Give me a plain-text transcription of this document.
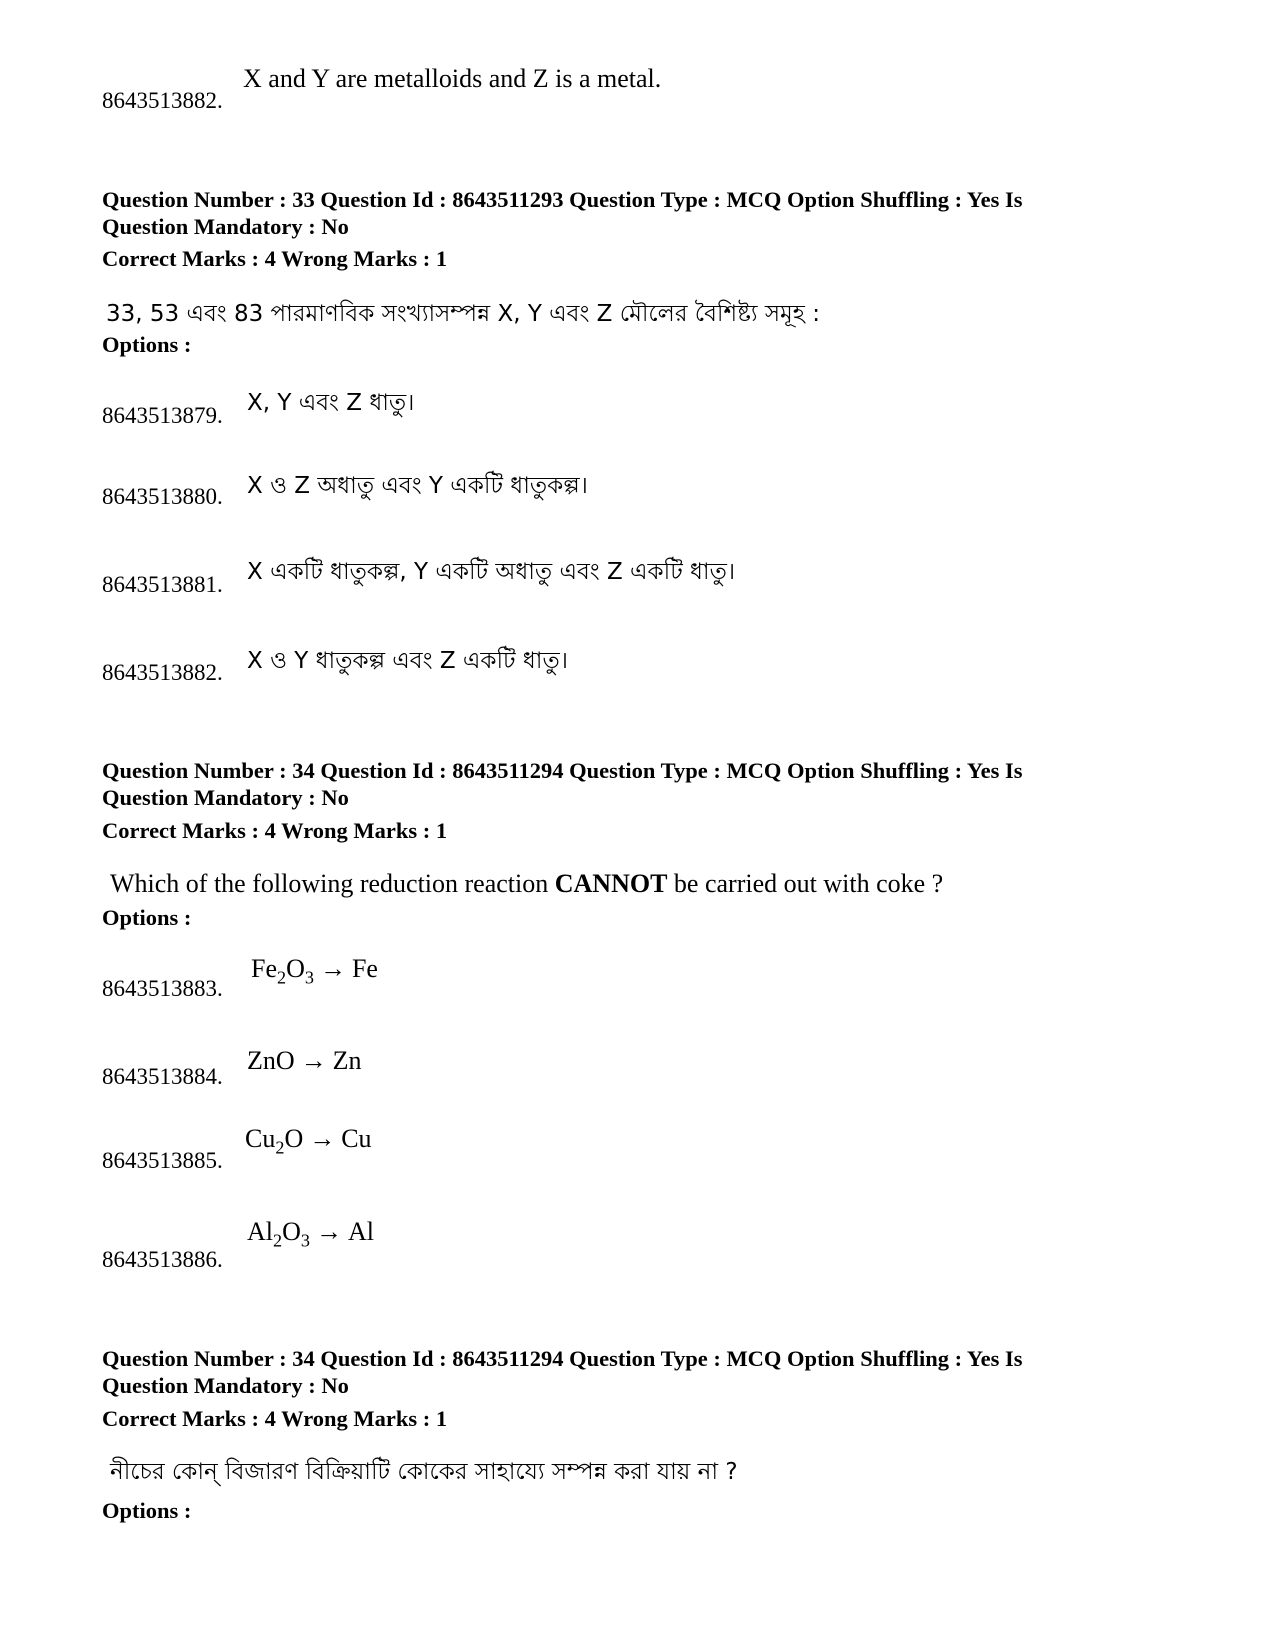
X and Y are metalloids and Z is a metal.
8643513882.
Question Number : 33 Question Id : 8643511293 Question Type : MCQ Option Shuffling : Yes Is
Question Mandatory : No
Correct Marks : 4 Wrong Marks : 1
33, 53 এবং 83 পারমাণবিক সংখ্যাসম্পন্ন X, Y এবং Z মৌলের বৈশিষ্ট্য সমূহ :
Options :
X, Y এবং Z ধাতু।
8643513879.
X ও Z অধাতু এবং Y একটি ধাতুকল্প।
8643513880.
X একটি ধাতুকল্প, Y একটি অধাতু এবং Z একটি ধাতু।
8643513881.
X ও Y ধাতুকল্প এবং Z একটি ধাতু।
8643513882.
Question Number : 34 Question Id : 8643511294 Question Type : MCQ Option Shuffling : Yes Is
Question Mandatory : No
Correct Marks : 4 Wrong Marks : 1
Which of the following reduction reaction CANNOT be carried out with coke ?
Options :
$Fe_2O_3 \to Fe$
8643513883.
ZnO → Zn
8643513884.
$Cu_2O \to Cu$
8643513885.
$Al_2O_3 \to Al$
8643513886.
Question Number : 34 Question Id : 8643511294 Question Type : MCQ Option Shuffling : Yes Is
Question Mandatory : No
Correct Marks : 4 Wrong Marks : 1
নীচের কোন্ বিজারণ বিক্রিয়াটি কোকের সাহায্যে সম্পন্ন করা যায় না ?
Options :
